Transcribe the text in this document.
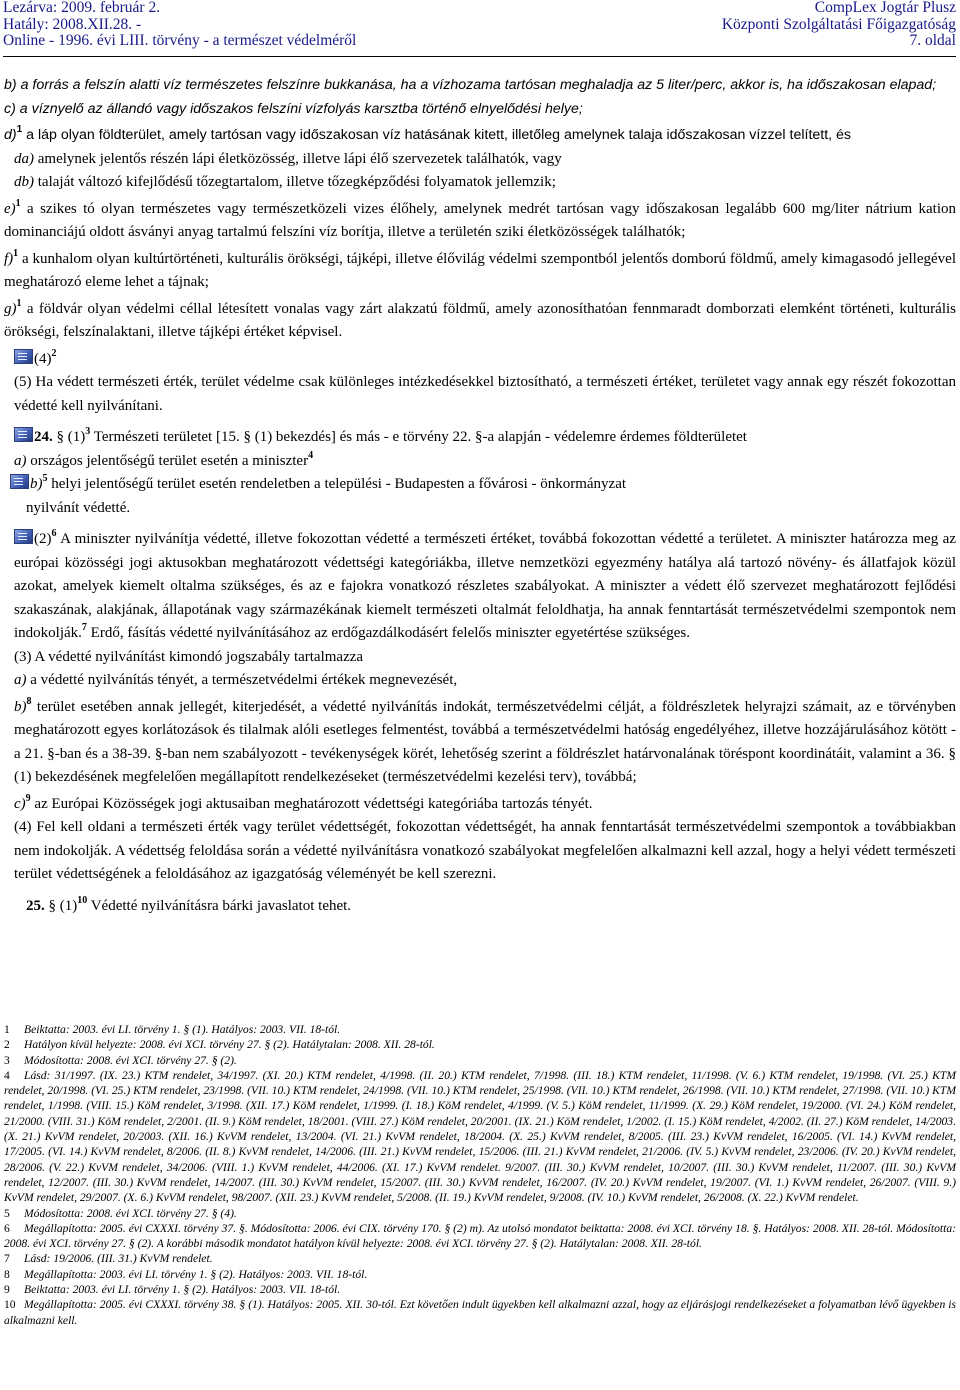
Lezárva: 2009. február 2.
Hatály: 2008.XII.28. -
Online - 1996. évi LIII. törvény - a természet védelméről
CompLex Jogtár Plusz
Központi Szolgáltatási Főigazgatóság
7. oldal

b) a forrás a felszín alatti víz természetes felszínre bukkanása, ha a vízhozama tartósan meghaladja az 5 liter/perc, akkor is, ha időszakosan elapad;

c) a víznyelő az állandó vagy időszakos felszíni vízfolyás karsztba történő elnyelődési helye;

d)$^1$ a láp olyan földterület, amely tartósan vagy időszakosan víz hatásának kitett, illetőleg amelynek talaja időszakosan vízzel telített, és

da) amelynek jelentős részén lápi életközösség, illetve lápi élő szervezetek találhatók, vagy

db) talaját változó kifejlődésű tőzegtartalom, illetve tőzegképződési folyamatok jellemzik;

e)$^1$ a szikes tó olyan természetes vagy természetközeli vizes élőhely, amelynek medrét tartósan vagy időszakosan legalább 600 mg/liter nátrium kation dominanciájú oldott ásványi anyag tartalmú felszíni víz borítja, illetve a területén sziki életközösségek találhatók;

f)$^1$ a kunhalom olyan kultúrtörténeti, kulturális örökségi, tájképi, illetve élővilág védelmi szempontból jelentős domború földmű, amely kimagasodó jellegével meghatározó eleme lehet a tájnak;

g)$^1$ a földvár olyan védelmi céllal létesített vonalas vagy zárt alakzatú földmű, amely azonosíthatóan fennmaradt domborzati elemként történeti, kulturális örökségi, felszínalaktani, illetve tájképi értéket képvisel.

$(4)^2$

(5) Ha védett természeti érték, terület védelme csak különleges intézkedésekkel biztosítható, a természeti értéket, területet vagy annak egy részét fokozottan védetté kell nyilvánítani.

24. § $(1)^3$ Természeti területet [15. § (1) bekezdés] és más - e törvény 22. §-a alapján - védelemre érdemes földterületet

a) országos jelentőségű terület esetén a miniszter$^4$

b)$^5$ helyi jelentőségű terület esetén rendeletben a települési - Budapesten a fővárosi - önkormányzat

nyilvánít védetté.

$(2)^6$ A miniszter nyilvánítja védetté, illetve fokozottan védetté a természeti értéket, továbbá fokozottan védetté a területet. A miniszter határozza meg az európai közösségi jogi aktusokban meghatározott védettségi kategóriákba, illetve nemzetközi egyezmény hatálya alá tartozó növény- és állatfajok közül azokat, amelyek kiemelt oltalma szükséges, és az e fajokra vonatkozó részletes szabályokat. A miniszter a védett élő szervezet meghatározott fejlődési szakaszának, alakjának, állapotának vagy származékának kiemelt természeti oltalmát feloldhatja, ha annak fenntartását természetvédelmi szempontok nem indokolják.$^7$ Erdő, fásítás védetté nyilvánításához az erdőgazdálkodásért felelős miniszter egyetértése szükséges.

(3) A védetté nyilvánítást kimondó jogszabály tartalmazza

a) a védetté nyilvánítás tényét, a természetvédelmi értékek megnevezését,

b)$^8$ terület esetében annak jellegét, kiterjedését, a védetté nyilvánítás indokát, természetvédelmi célját, a földrészletek helyrajzi számait, az e törvényben meghatározott egyes korlátozások és tilalmak alóli esetleges felmentést, továbbá a természetvédelmi hatóság engedélyéhez, illetve hozzájárulásához kötött - a 21. §-ban és a 38-39. §-ban nem szabályozott - tevékenységek körét, lehetőség szerint a földrészlet határvonalának töréspont koordinátáit, valamint a 36. § (1) bekezdésének megfelelően megállapított rendelkezéseket (természetvédelmi kezelési terv), továbbá;

c)$^9$ az Európai Közösségek jogi aktusaiban meghatározott védettségi kategóriába tartozás tényét.

(4) Fel kell oldani a természeti érték vagy terület védettségét, fokozottan védettségét, ha annak fenntartását természetvédelmi szempontok a továbbiakban nem indokolják. A védettség feloldása során a védetté nyilvánításra vonatkozó szabályokat megfelelően alkalmazni kell azzal, hogy a helyi védett természeti terület védettségének a feloldásához az igazgatóság véleményét be kell szerezni.

25. § $(1)^{10}$ Védetté nyilvánításra bárki javaslatot tehet.

1 Beiktatta: 2003. évi LI. törvény 1. § (1). Hatályos: 2003. VII. 18-tól.

2 Hatályon kívül helyezte: 2008. évi XCI. törvény 27. § (2). Hatálytalan: 2008. XII. 28-tól.

3 Módosította: 2008. évi XCI. törvény 27. § (2).

4 Lásd: 31/1997. (IX. 23.) KTM rendelet, 34/1997. (XI. 20.) KTM rendelet, 4/1998. (II. 20.) KTM rendelet, 7/1998. (III. 18.) KTM rendelet, 11/1998. (V. 6.) KTM rendelet, 19/1998. (VI. 25.) KTM rendelet, 20/1998. (VI. 25.) KTM rendelet, 23/1998. (VII. 10.) KTM rendelet, 24/1998. (VII. 10.) KTM rendelet, 25/1998. (VII. 10.) KTM rendelet, 26/1998. (VII. 10.) KTM rendelet, 27/1998. (VII. 10.) KTM rendelet, 1/1998. (VIII. 15.) KöM rendelet, 3/1998. (XII. 17.) KöM rendelet, 1/1999. (I. 18.) KöM rendelet, 4/1999. (V. 5.) KöM rendelet, 11/1999. (X. 29.) KöM rendelet, 19/2000. (VI. 24.) KöM rendelet, 21/2000. (VIII. 31.) KöM rendelet, 2/2001. (II. 9.) KöM rendelet, 18/2001. (VIII. 27.) KöM rendelet, 20/2001. (IX. 21.) KöM rendelet, 1/2002. (I. 15.) KöM rendelet, 4/2002. (II. 27.) KöM rendelet, 14/2003. (X. 21.) KvVM rendelet, 20/2003. (XII. 16.) KvVM rendelet, 13/2004. (VI. 21.) KvVM rendelet, 18/2004. (X. 25.) KvVM rendelet, 8/2005. (III. 23.) KvVM rendelet, 16/2005. (VI. 14.) KvVM rendelet, 17/2005. (VI. 14.) KvVM rendelet, 8/2006. (II. 8.) KvVM rendelet, 14/2006. (III. 21.) KvVM rendelet, 15/2006. (III. 21.) KvVM rendelet, 21/2006. (IV. 5.) KvVM rendelet, 23/2006. (IV. 20.) KvVM rendelet, 28/2006. (V. 22.) KvVM rendelet, 34/2006. (VIII. 1.) KvVM rendelet, 44/2006. (XI. 17.) KvVM rendelet. 9/2007. (III. 30.) KvVM rendelet, 10/2007. (III. 30.) KvVM rendelet, 11/2007. (III. 30.) KvVM rendelet, 12/2007. (III. 30.) KvVM rendelet, 14/2007. (III. 30.) KvVM rendelet, 15/2007. (III. 30.) KvVM rendelet, 16/2007. (IV. 20.) KvVM rendelet, 19/2007. (VI. 1.) KvVM rendelet, 26/2007. (VIII. 9.) KvVM rendelet, 29/2007. (X. 6.) KvVM rendelet, 98/2007. (XII. 23.) KvVM rendelet, 5/2008. (II. 19.) KvVM rendelet, 9/2008. (IV. 10.) KvVM rendelet, 26/2008. (X. 22.) KvVM rendelet.

5 Módosította: 2008. évi XCI. törvény 27. § (4).

6 Megállapította: 2005. évi CXXXI. törvény 37. §. Módosította: 2006. évi CIX. törvény 170. § (2) m). Az utolsó mondatot beiktatta: 2008. évi XCI. törvény 18. §. Hatályos: 2008. XII. 28-tól. Módosította: 2008. évi XCI. törvény 27. § (2). A korábbi második mondatot hatályon kívül helyezte: 2008. évi XCI. törvény 27. § (2). Hatálytalan: 2008. XII. 28-tól.

7 Lásd: 19/2006. (III. 31.) KvVM rendelet.

8 Megállapította: 2003. évi LI. törvény 1. § (2). Hatályos: 2003. VII. 18-tól.

9 Beiktatta: 2003. évi LI. törvény 1. § (2). Hatályos: 2003. VII. 18-tól.

10 Megállapította: 2005. évi CXXXI. törvény 38. § (1). Hatályos: 2005. XII. 30-tól. Ezt követően indult ügyekben kell alkalmazni azzal, hogy az eljárásjogi rendelkezéseket a folyamatban lévő ügyekben is alkalmazni kell.
